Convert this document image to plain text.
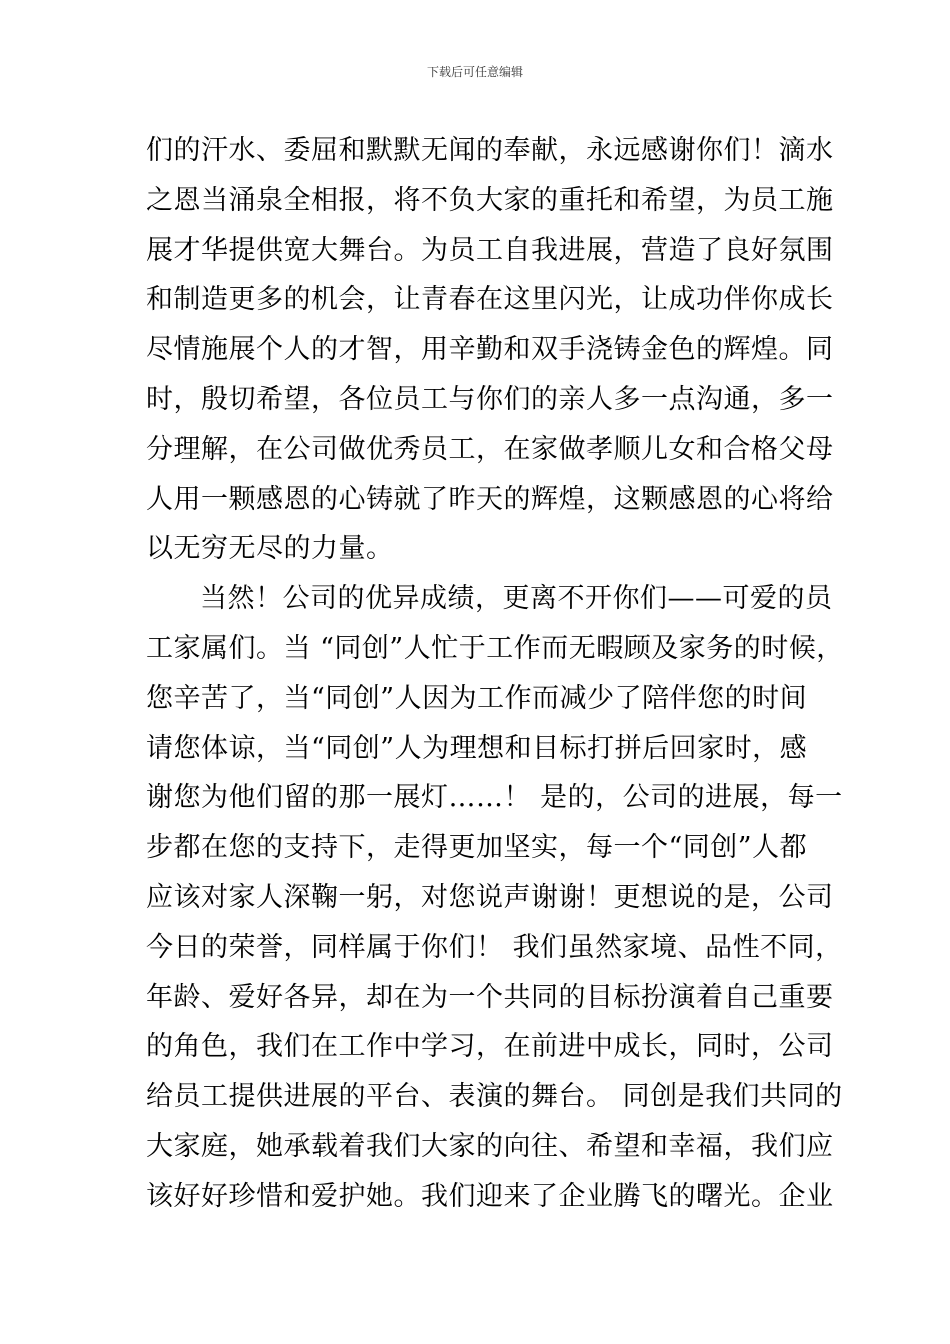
下载后可任意编辑
们的汗水、委屈和默默无闻的奉献，永远感谢你们！滴水
之恩当涌泉全相报，将不负大家的重托和希望，为员工施
展才华提供宽大舞台。为员工自我进展，营造了良好氛围
和制造更多的机会，让青春在这里闪光，让成功伴你成长
尽情施展个人的才智，用辛勤和双手浇铸金色的辉煌。同
时，殷切希望，各位员工与你们的亲人多一点沟通，多一
分理解，在公司做优秀员工，在家做孝顺儿女和合格父母
人用一颗感恩的心铸就了昨天的辉煌，这颗感恩的心将给
以无穷无尽的力量。
当然！公司的优异成绩，更离不开你们——可爱的员
工家属们。当 “同创”人忙于工作而无暇顾及家务的时候，
您辛苦了，当“同创”人因为工作而减少了陪伴您的时间
请您体谅，当“同创”人为理想和目标打拼后回家时，感
谢您为他们留的那一展灯……！ 是的，公司的进展，每一
步都在您的支持下，走得更加坚实，每一个“同创”人都
应该对家人深鞠一躬，对您说声谢谢！更想说的是，公司
今日的荣誉，同样属于你们！ 我们虽然家境、品性不同，
年龄、爱好各异，却在为一个共同的目标扮演着自己重要
的角色，我们在工作中学习，在前进中成长，同时，公司
给员工提供进展的平台、表演的舞台。 同创是我们共同的
大家庭，她承载着我们大家的向往、希望和幸福，我们应
该好好珍惜和爱护她。我们迎来了企业腾飞的曙光。企业
